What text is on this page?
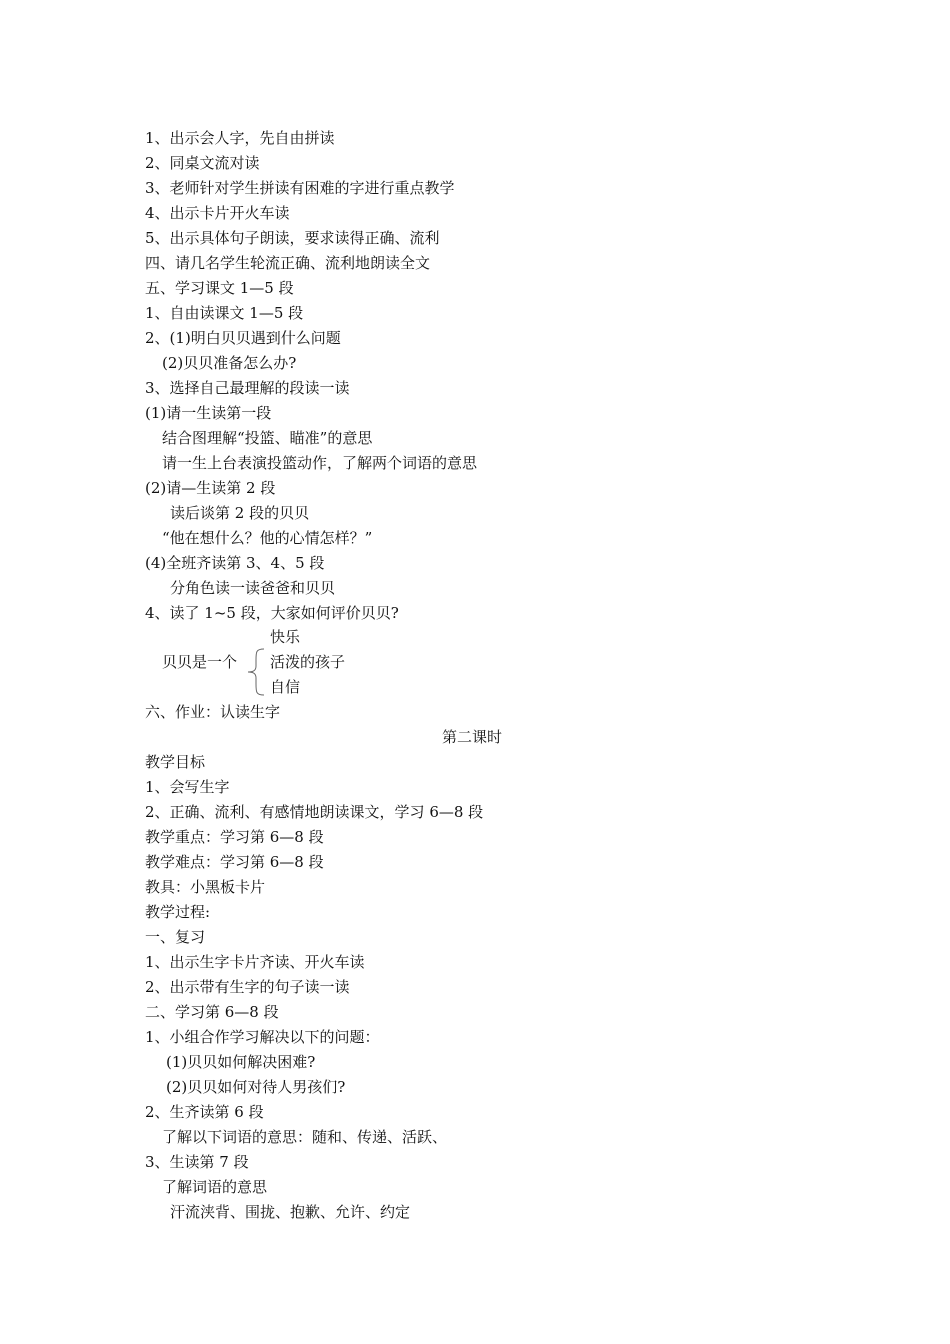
1、出示会人字，先自由拼读
2、同桌文流对读
3、老师针对学生拼读有困难的字进行重点教学
4、出示卡片开火车读
5、出示具体句子朗读，要求读得正确、流利
四、请几名学生轮流正确、流利地朗读全文
五、学习课文 1—5 段
1、自由读课文 1—5 段
2、(1)明白贝贝遇到什么问题
(2)贝贝准备怎么办?
3、选择自己最理解的段读一读
(1)请一生读第一段
结合图理解“投篮、瞄准”的意思
请一生上台表演投篮动作，了解两个词语的意思
(2)请—生读第 2 段
读后谈第 2 段的贝贝
“他在想什么？他的心情怎样？”
(4)全班齐读第 3、4、5 段
分角色读一读爸爸和贝贝
4、读了 1~5 段，大家如何评价贝贝?
快乐
贝贝是一个 活泼的孩子
自信
六、作业：认读生字
第二课时
教学目标
1、会写生字
2、正确、流利、有感情地朗读课文，学习 6—8 段
教学重点：学习第 6—8 段
教学难点：学习第 6—8 段
教具：小黑板卡片
教学过程:
一、复习
1、出示生字卡片齐读、开火车读
2、出示带有生字的句子读一读
二、学习第 6—8 段
1、小组合作学习解决以下的问题：
(1)贝贝如何解决困难?
(2)贝贝如何对待人男孩们?
2、生齐读第 6 段
了解以下词语的意思：随和、传递、活跃、
3、生读第 7 段
了解词语的意思
汗流浃背、围拢、抱歉、允许、约定
